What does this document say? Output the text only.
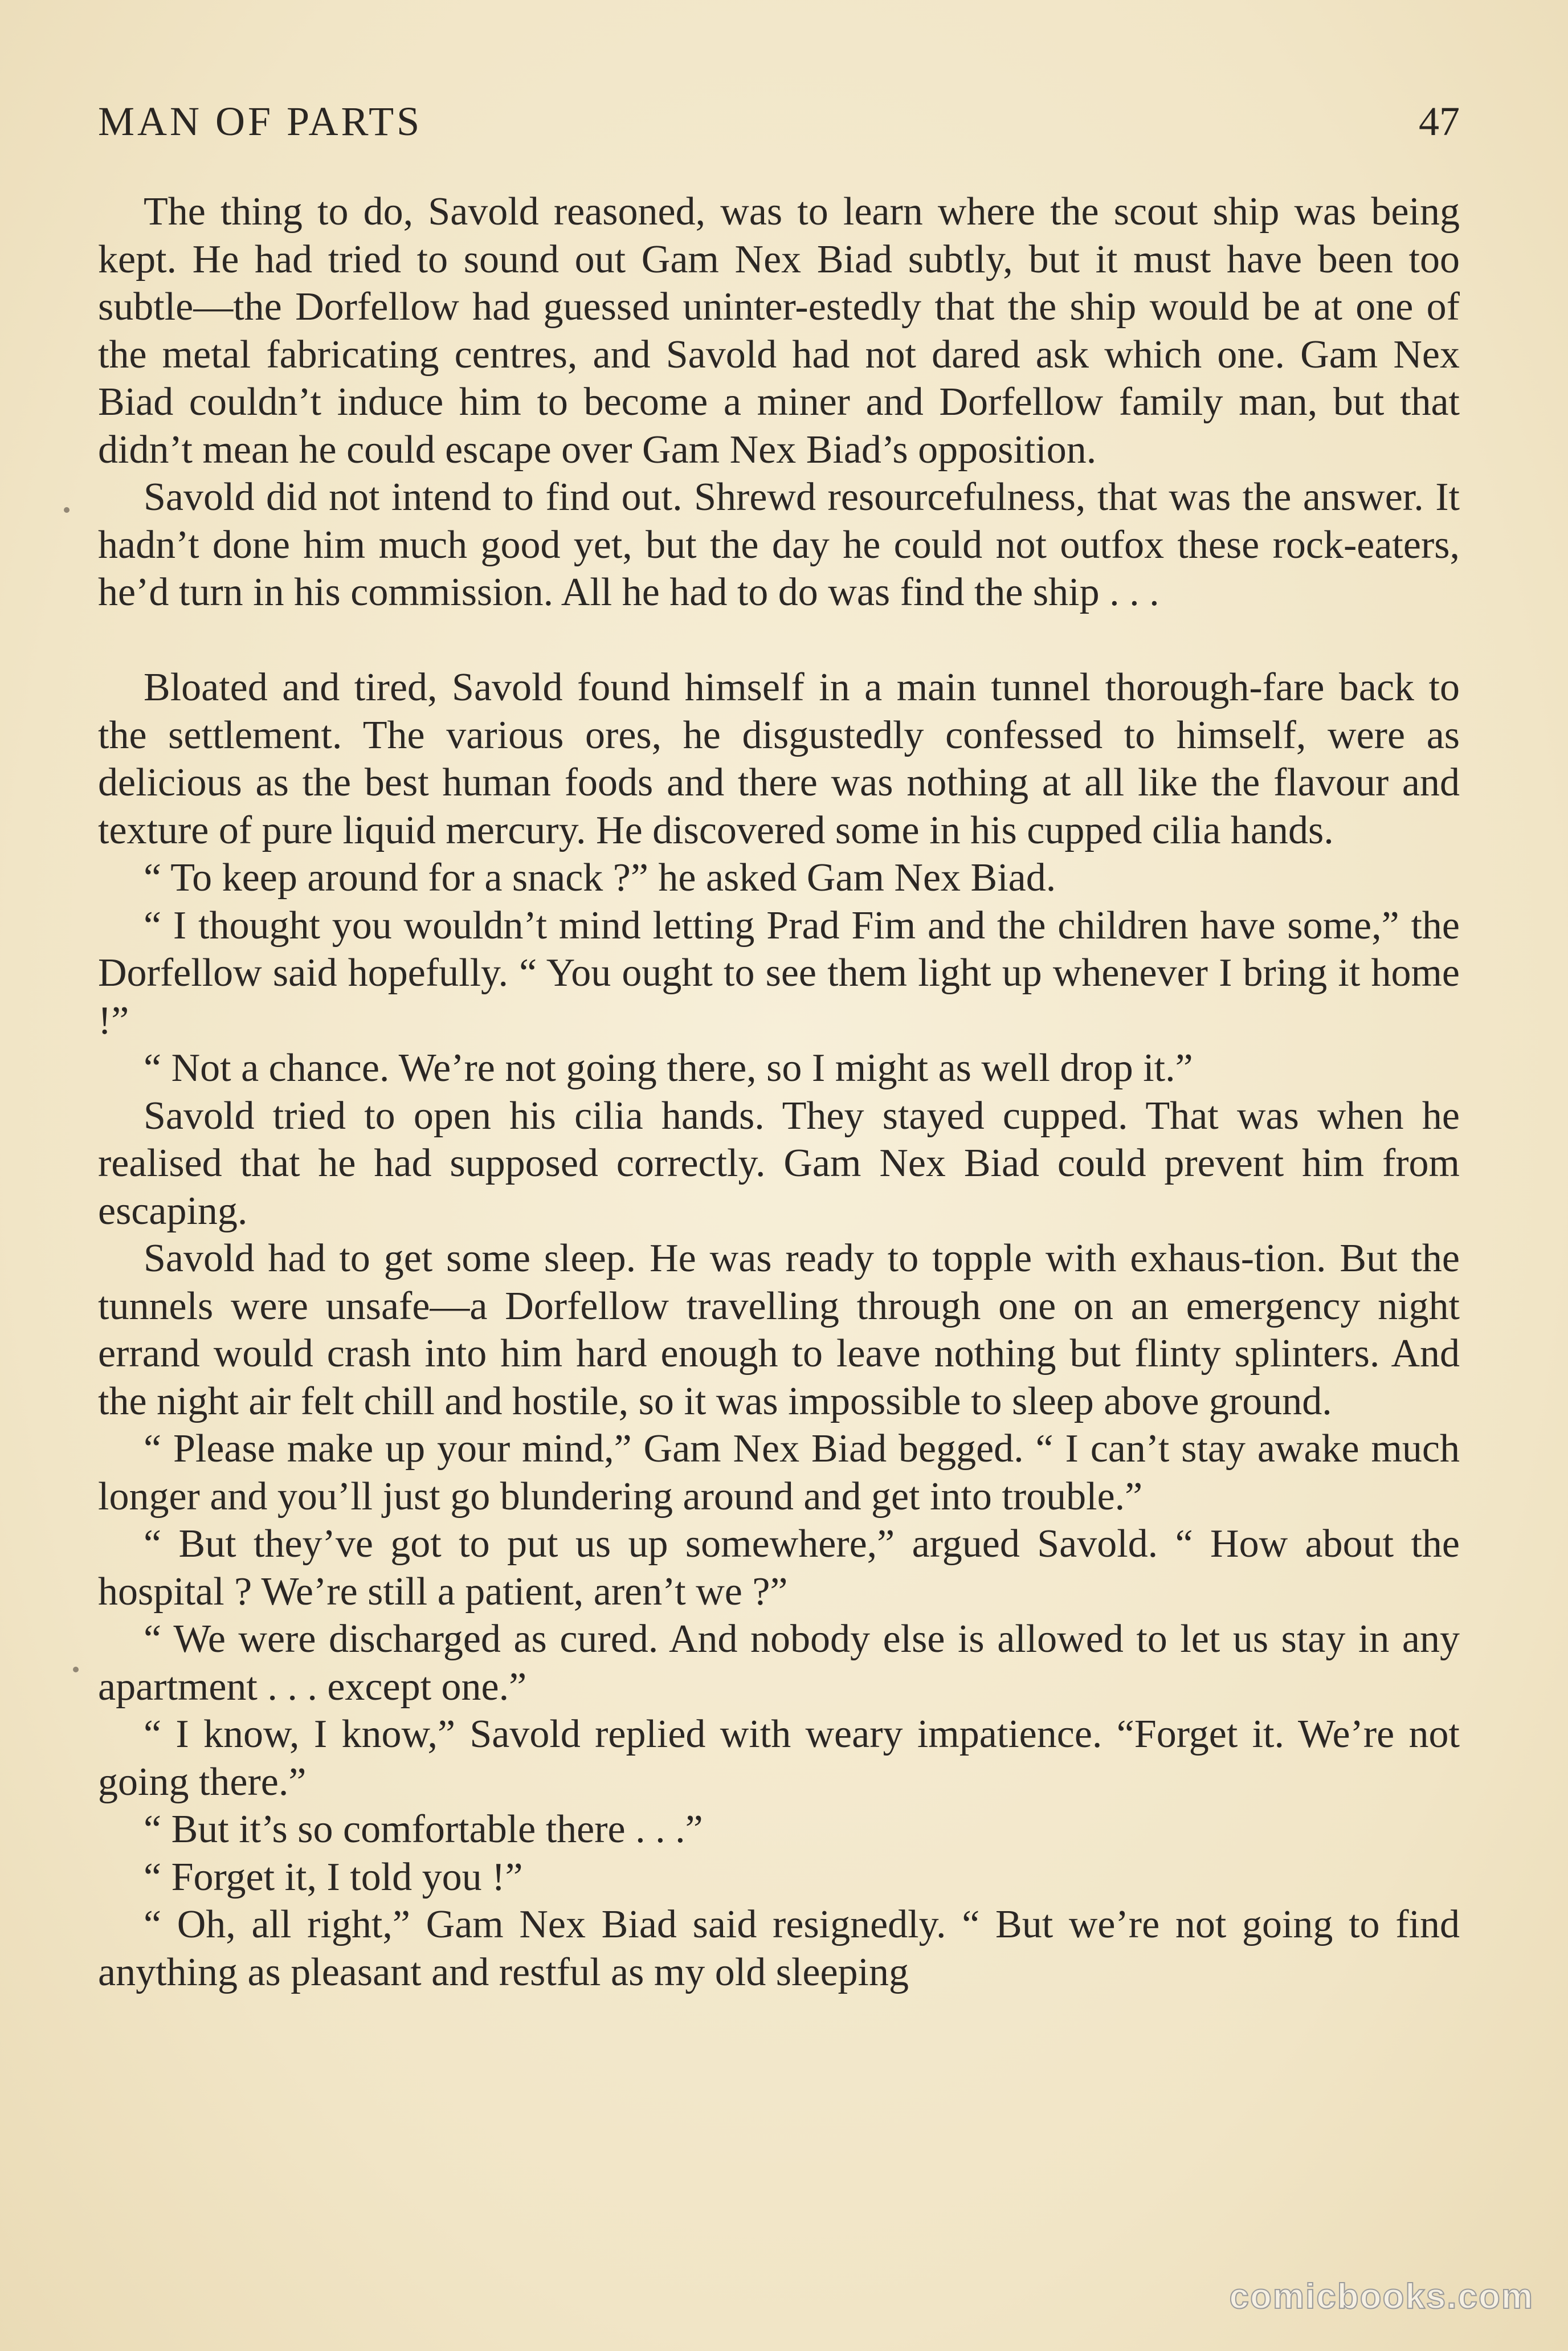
MAN OF PARTS	47

The thing to do, Savold reasoned, was to learn where the scout ship was being kept. He had tried to sound out Gam Nex Biad subtly, but it must have been too subtle—the Dorfellow had guessed uninter-estedly that the ship would be at one of the metal fabricating centres, and Savold had not dared ask which one. Gam Nex Biad couldn’t induce him to become a miner and Dorfellow family man, but that didn’t mean he could escape over Gam Nex Biad’s opposition.

Savold did not intend to find out. Shrewd resourcefulness, that was the answer. It hadn’t done him much good yet, but the day he could not outfox these rock-eaters, he’d turn in his commission. All he had to do was find the ship . . .

Bloated and tired, Savold found himself in a main tunnel thorough-fare back to the settlement. The various ores, he disgustedly confessed to himself, were as delicious as the best human foods and there was nothing at all like the flavour and texture of pure liquid mercury. He discovered some in his cupped cilia hands.

“ To keep around for a snack ?” he asked Gam Nex Biad.

“ I thought you wouldn’t mind letting Prad Fim and the children have some,” the Dorfellow said hopefully. “ You ought to see them light up whenever I bring it home !”

“ Not a chance. We’re not going there, so I might as well drop it.”

Savold tried to open his cilia hands. They stayed cupped. That was when he realised that he had supposed correctly. Gam Nex Biad could prevent him from escaping.

Savold had to get some sleep. He was ready to topple with exhaus-tion. But the tunnels were unsafe—a Dorfellow travelling through one on an emergency night errand would crash into him hard enough to leave nothing but flinty splinters. And the night air felt chill and hostile, so it was impossible to sleep above ground.

“ Please make up your mind,” Gam Nex Biad begged. “ I can’t stay awake much longer and you’ll just go blundering around and get into trouble.”

“ But they’ve got to put us up somewhere,” argued Savold. “ How about the hospital ? We’re still a patient, aren’t we ?”

“ We were discharged as cured. And nobody else is allowed to let us stay in any apartment . . . except one.”

“ I know, I know,” Savold replied with weary impatience. “Forget it. We’re not going there.”

“ But it’s so comfortable there . . .”

“ Forget it, I told you !”

“ Oh, all right,” Gam Nex Biad said resignedly. “ But we’re not going to find anything as pleasant and restful as my old sleeping

comicbooks.com
